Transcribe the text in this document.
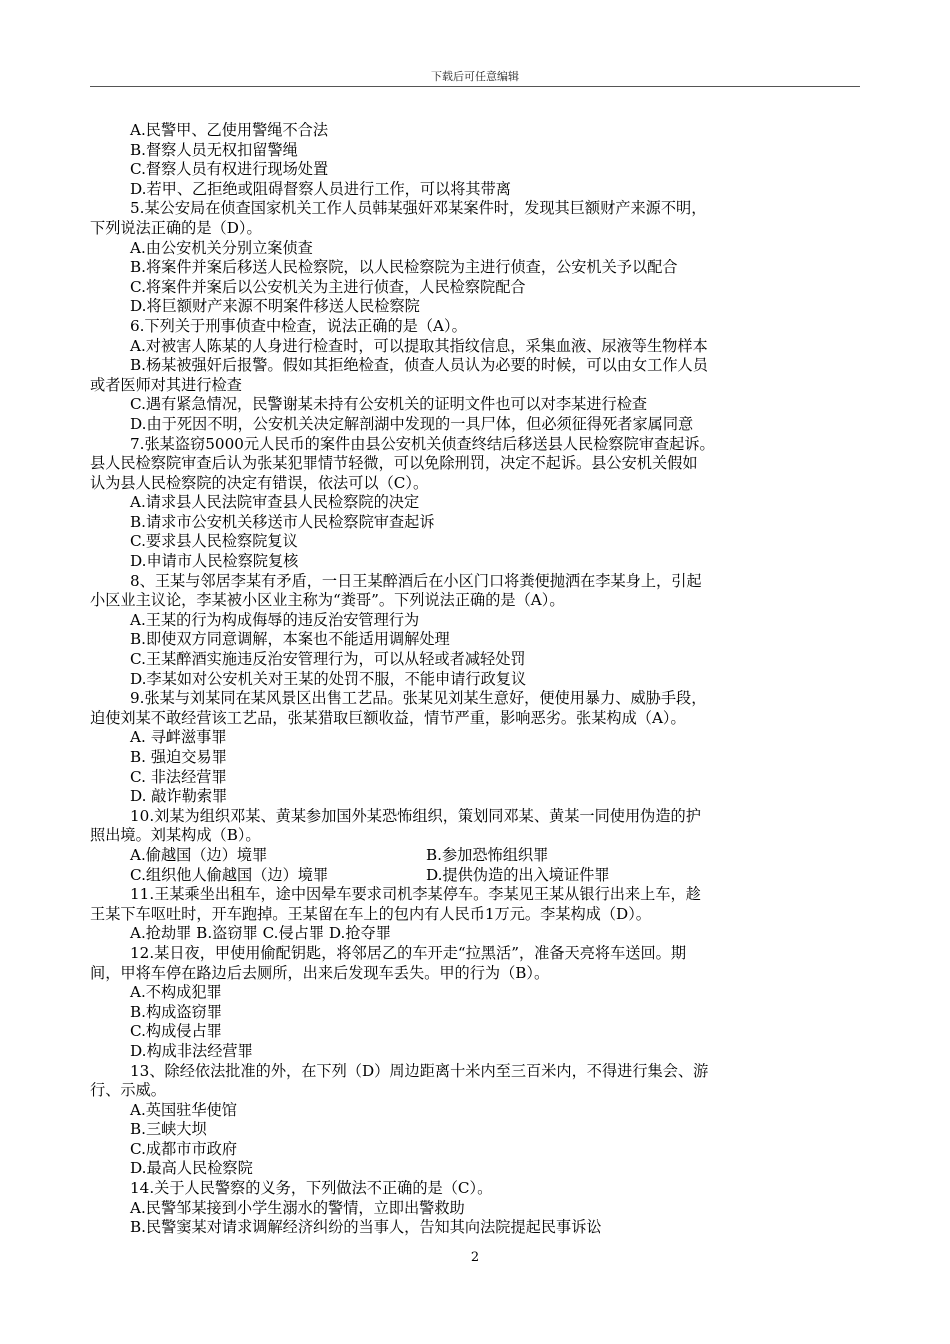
下载后可任意编辑
A.民警甲、乙使用警绳不合法
B.督察人员无权扣留警绳
C.督察人员有权进行现场处置
D.若甲、乙拒绝或阻碍督察人员进行工作，可以将其带离
5.某公安局在侦查国家机关工作人员韩某强奸邓某案件时，发现其巨额财产来源不明，
下列说法正确的是（D）。
A.由公安机关分别立案侦查
B.将案件并案后移送人民检察院，以人民检察院为主进行侦查，公安机关予以配合
C.将案件并案后以公安机关为主进行侦查，人民检察院配合
D.将巨额财产来源不明案件移送人民检察院
6.下列关于刑事侦查中检查，说法正确的是（A）。
A.对被害人陈某的人身进行检查时，可以提取其指纹信息，采集血液、尿液等生物样本
B.杨某被强奸后报警。假如其拒绝检查，侦查人员认为必要的时候，可以由女工作人员
或者医师对其进行检查
C.遇有紧急情况，民警谢某未持有公安机关的证明文件也可以对李某进行检查
D.由于死因不明，公安机关决定解剖湖中发现的一具尸体，但必须征得死者家属同意
7.张某盗窃5000元人民币的案件由县公安机关侦查终结后移送县人民检察院审查起诉。
县人民检察院审查后认为张某犯罪情节轻微，可以免除刑罚，决定不起诉。县公安机关假如
认为县人民检察院的决定有错误，依法可以（C）。
A.请求县人民法院审查县人民检察院的决定
B.请求市公安机关移送市人民检察院审查起诉
C.要求县人民检察院复议
D.申请市人民检察院复核
8、王某与邻居李某有矛盾，一日王某醉酒后在小区门口将粪便抛洒在李某身上，引起
小区业主议论，李某被小区业主称为“粪哥”。下列说法正确的是（A）。
A.王某的行为构成侮辱的违反治安管理行为
B.即使双方同意调解，本案也不能适用调解处理
C.王某醉酒实施违反治安管理行为，可以从轻或者减轻处罚
D.李某如对公安机关对王某的处罚不服，不能申请行政复议
9.张某与刘某同在某风景区出售工艺品。张某见刘某生意好，便使用暴力、威胁手段，
迫使刘某不敢经营该工艺品，张某猎取巨额收益，情节严重，影响恶劣。张某构成（A）。
A. 寻衅滋事罪
B. 强迫交易罪
C. 非法经营罪
D. 敲诈勒索罪
10.刘某为组织邓某、黄某参加国外某恐怖组织，策划同邓某、黄某一同使用伪造的护
照出境。刘某构成（B）。
A.偷越国（边）境罪	B.参加恐怖组织罪
C.组织他人偷越国（边）境罪	D.提供伪造的出入境证件罪
11.王某乘坐出租车，途中因晕车要求司机李某停车。李某见王某从银行出来上车，趁
王某下车呕吐时，开车跑掉。王某留在车上的包内有人民币1万元。李某构成（D）。
A.抢劫罪 B.盗窃罪 C.侵占罪 D.抢夺罪
12.某日夜，甲使用偷配钥匙，将邻居乙的车开走“拉黑活”，准备天亮将车送回。期
间，甲将车停在路边后去厕所，出来后发现车丢失。甲的行为（B）。
A.不构成犯罪
B.构成盗窃罪
C.构成侵占罪
D.构成非法经营罪
13、除经依法批准的外，在下列（D）周边距离十米内至三百米内，不得进行集会、游
行、示威。
A.英国驻华使馆
B.三峡大坝
C.成都市市政府
D.最高人民检察院
14.关于人民警察的义务，下列做法不正确的是（C）。
A.民警邹某接到小学生溺水的警情，立即出警救助
B.民警窦某对请求调解经济纠纷的当事人，告知其向法院提起民事诉讼
2
